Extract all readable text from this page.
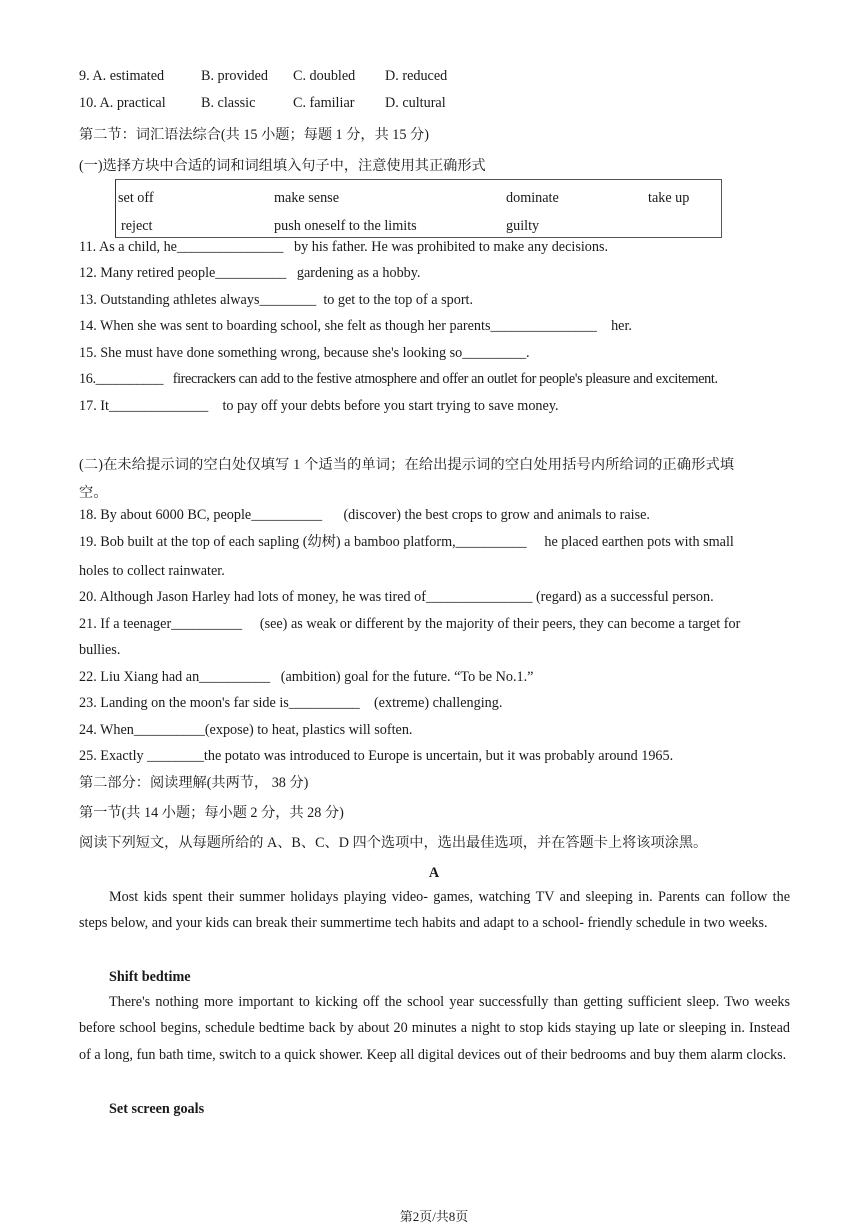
9. A. estimated	B. provided C. doubled D. reduced
10. A. practical B. classic	C. familiar D. cultural
第二节：词汇语法综合(共 15 小题；每题 1 分，共 15 分)
(一)选择方块中合适的词和词组填入句子中，注意使用其正确形式
set off	make sense	dominate	take up
reject	push oneself to the limits	guilty
11. As a child, he_______________ by his father. He was prohibited to make any decisions.
12. Many retired people__________ gardening as a hobby.
13. Outstanding athletes always________ to get to the top of a sport.
14. When she was sent to boarding school, she felt as though her parents_______________ her.
15. She must have done something wrong, because she's looking so_________.
16.__________ firecrackers can add to the festive atmosphere and offer an outlet for people's pleasure and excitement.
17. It______________ to pay off your debts before you start trying to save money.
(二)在未给提示词的空白处仅填写 1 个适当的单词；在给出提示词的空白处用括号内所给词的正确形式填
空。
18. By about 6000 BC, people__________ (discover) the best crops to grow and animals to raise.
19. Bob built at the top of each sapling (幼树) a bamboo platform,__________ he placed earthen pots with small
holes to collect rainwater.
20. Although Jason Harley had lots of money, he was tired of_______________ (regard) as a successful person.
21. If a teenager__________ (see) as weak or different by the majority of their peers, they can become a target for
bullies.
22. Liu Xiang had an__________ (ambition) goal for the future. “To be No.1.”
23. Landing on the moon's far side is__________ (extreme) challenging.
24. When__________(expose) to heat, plastics will soften.
25. Exactly ________the potato was introduced to Europe is uncertain, but it was probably around 1965.
第二部分：阅读理解(共两节， 38 分)
第一节(共 14 小题；每小题 2 分，共 28 分)
阅读下列短文，从每题所给的 A、B、C、D 四个选项中，选出最佳选项，并在答题卡上将该项涂黑。
A
Most kids spent their summer holidays playing video- games, watching TV and sleeping in. Parents can follow the steps below, and your kids can break their summertime tech habits and adapt to a school- friendly schedule in two weeks.
Shift bedtime
There's nothing more important to kicking off the school year successfully than getting sufficient sleep. Two weeks before school begins, schedule bedtime back by about 20 minutes a night to stop kids staying up late or sleeping in. Instead of a long, fun bath time, switch to a quick shower. Keep all digital devices out of their bedrooms and buy them alarm clocks.
Set screen goals
第2页/共8页
